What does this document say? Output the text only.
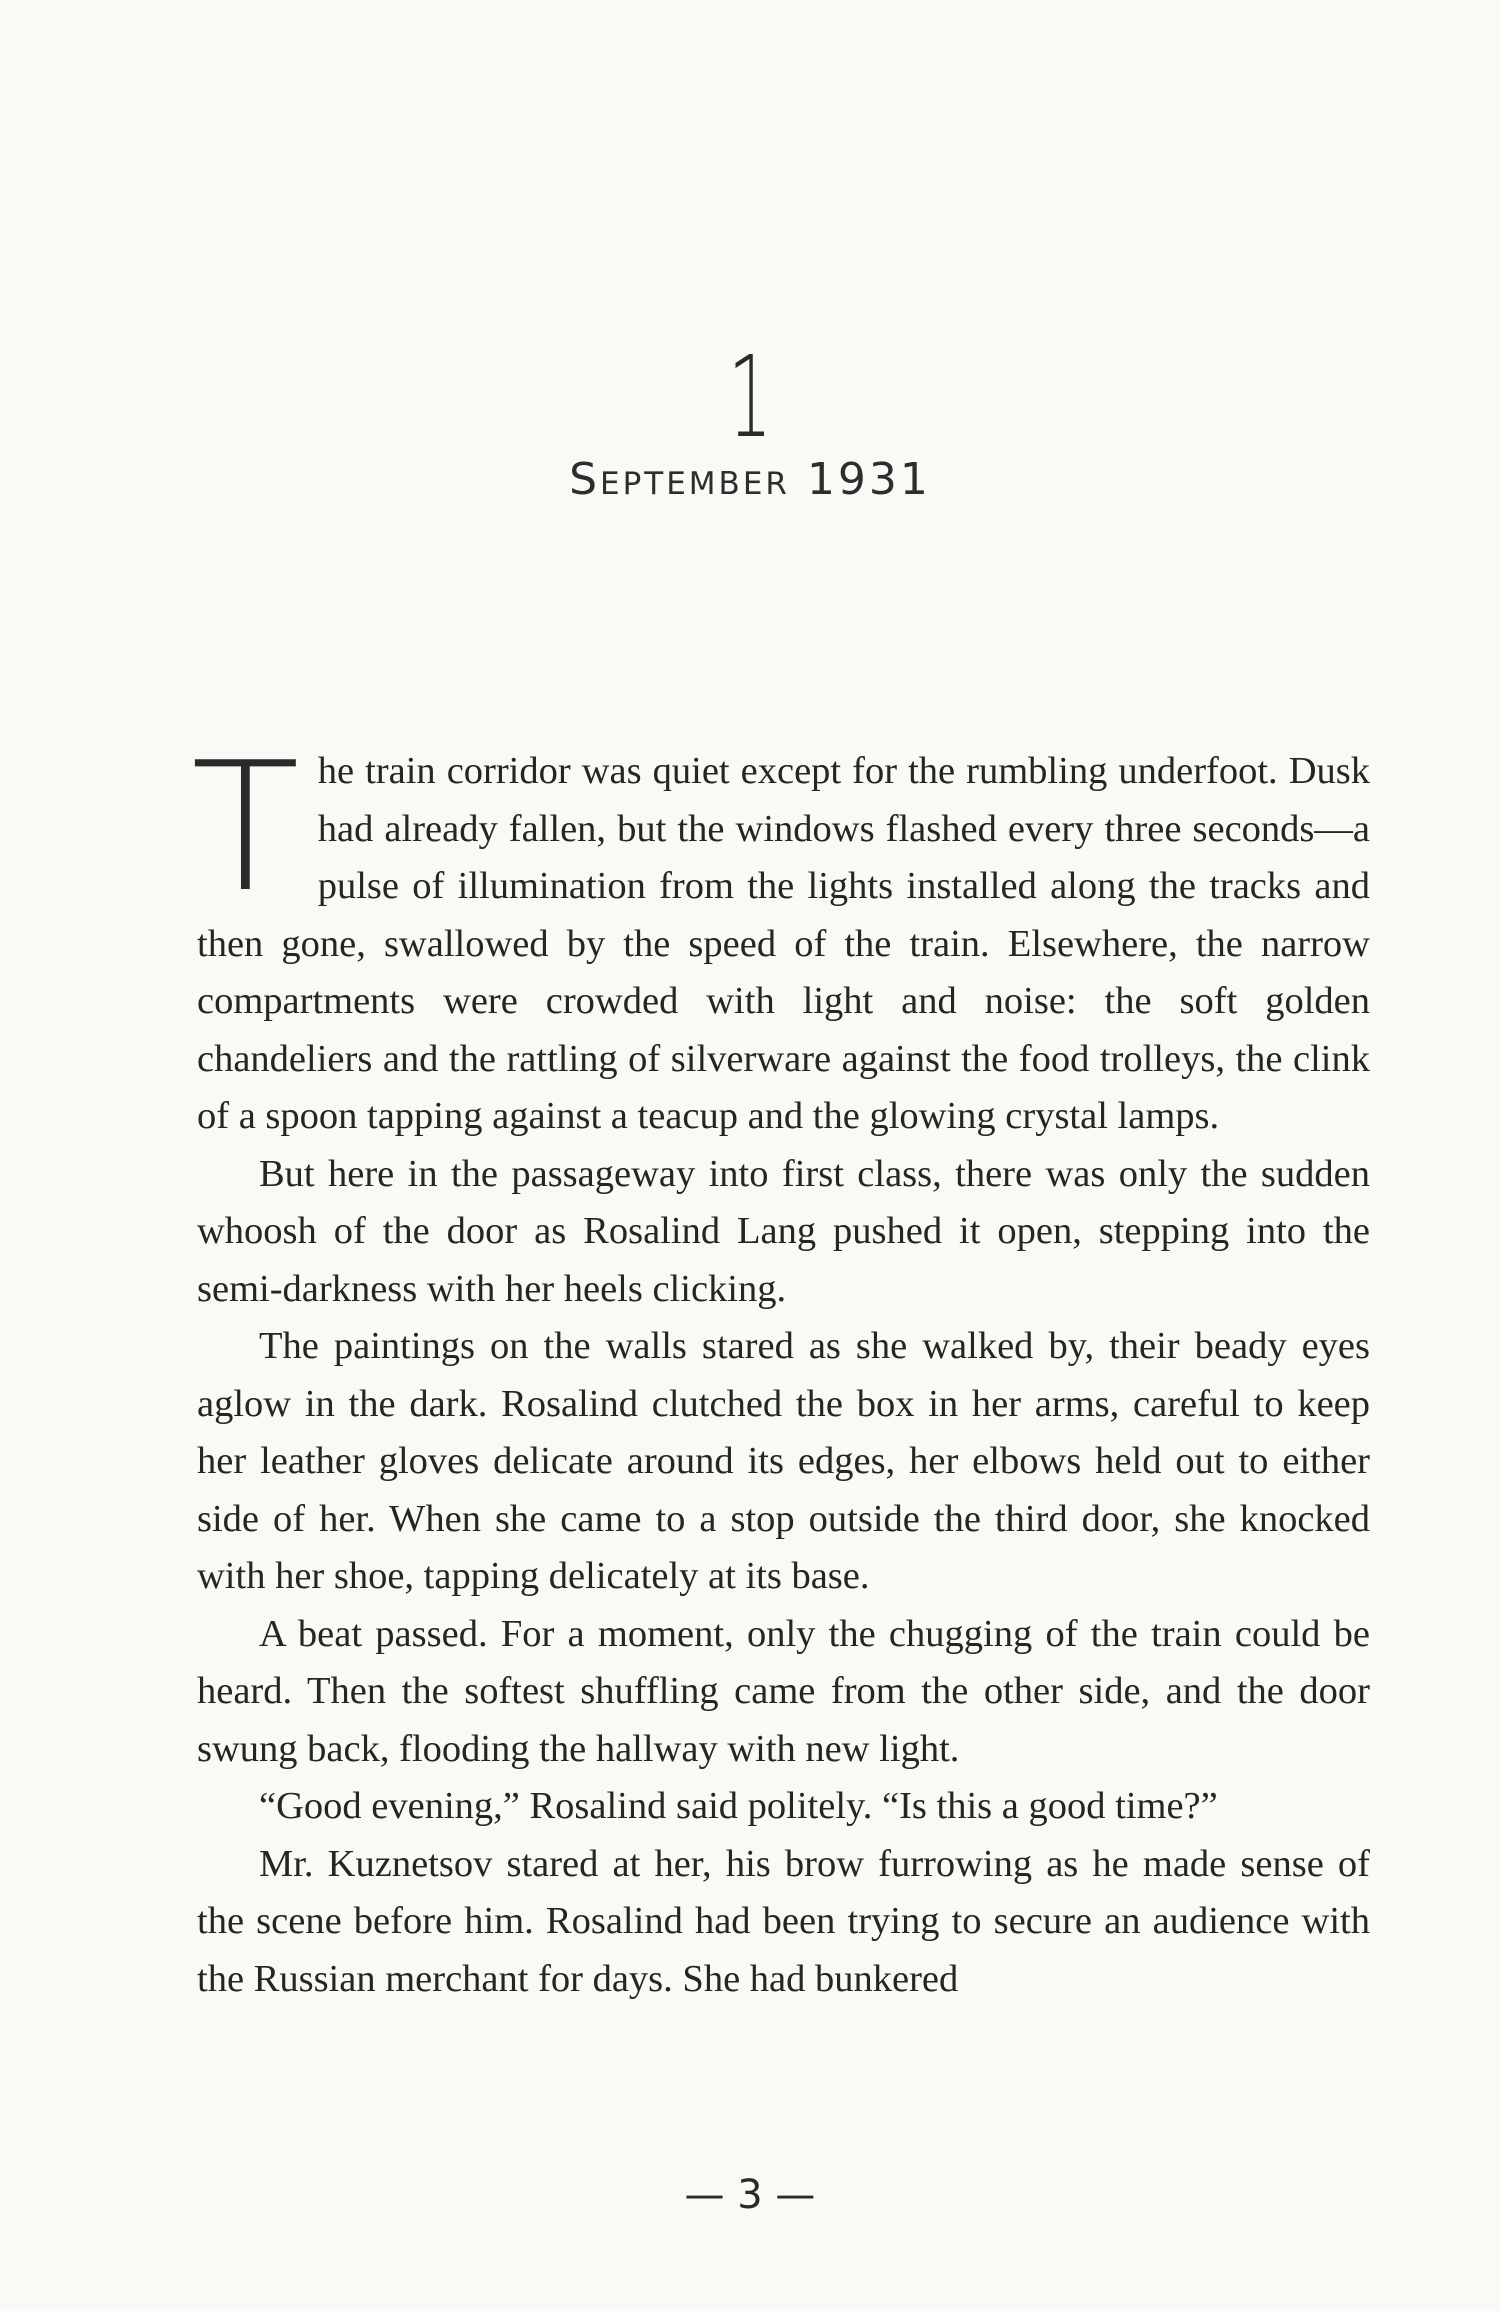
1
September 1931

The train corridor was quiet except for the rumbling underfoot. Dusk had already fallen, but the windows flashed every three seconds—a pulse of illumination from the lights installed along the tracks and then gone, swallowed by the speed of the train. Elsewhere, the narrow compartments were crowded with light and noise: the soft golden chandeliers and the rattling of silverware against the food trolleys, the clink of a spoon tapping against a teacup and the glowing crystal lamps.

But here in the passageway into first class, there was only the sudden whoosh of the door as Rosalind Lang pushed it open, stepping into the semi-darkness with her heels clicking.

The paintings on the walls stared as she walked by, their beady eyes aglow in the dark. Rosalind clutched the box in her arms, careful to keep her leather gloves delicate around its edges, her elbows held out to either side of her. When she came to a stop outside the third door, she knocked with her shoe, tapping delicately at its base.

A beat passed. For a moment, only the chugging of the train could be heard. Then the softest shuffling came from the other side, and the door swung back, flooding the hallway with new light.

“Good evening,” Rosalind said politely. “Is this a good time?”

Mr. Kuznetsov stared at her, his brow furrowing as he made sense of the scene before him. Rosalind had been trying to secure an audience with the Russian merchant for days. She had bunkered

— 3 —
